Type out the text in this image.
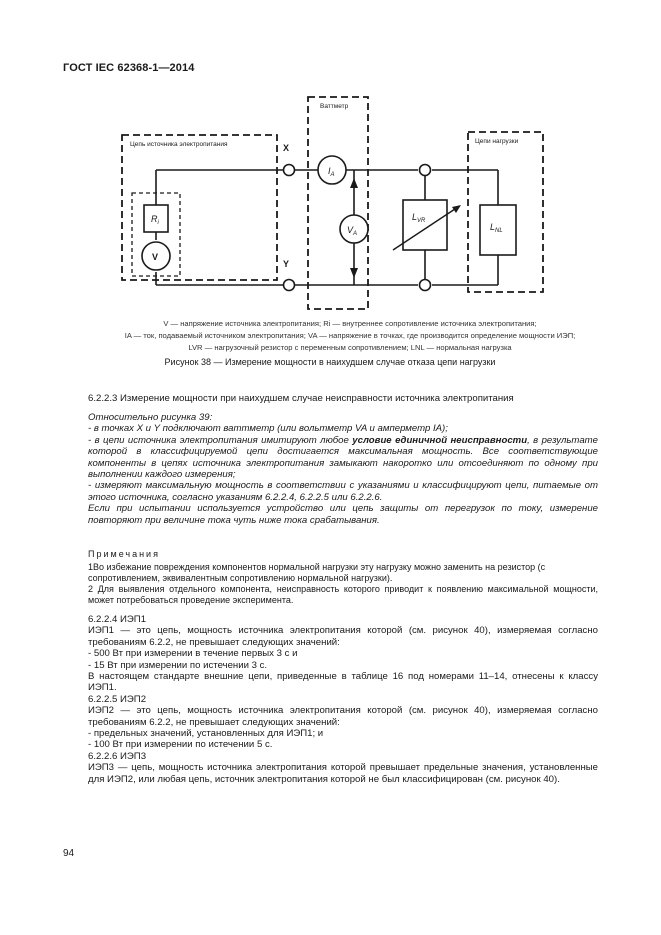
ГОСТ IEC 62368-1—2014
Цепь источника электропитания
Ваттметр
Цепи нагрузки
X
Y
$R_i$
V
$I_A$
$V_A$
$L_{VR}$
$L_{NL}$

V — напряжение источника электропитания; Ri — внутреннее сопротивление источника электропитания;

IA — ток, подаваемый источником электропитания; VA — напряжение в точках, где производится определение мощности ИЭП;

LVR — нагрузочный резистор с переменным сопротивлением; LNL — нормальная нагрузка

Рисунок 38 — Измерение мощности в наихудшем случае отказа цепи нагрузки
6.2.2.3 Измерение мощности при наихудшем случае неисправности источника электропитания

Относительно рисунка 39:

- в точках X и Y подключают ваттметр (или вольтметр VA и амперметр IA);

- в цепи источника электропитания имитируют любое условие единичной неисправности, в результате которой в классифицируемой цепи достигается максимальная мощность. Все соответствующие компоненты в цепях источника электропитания замыкают накоротко или отсоединяют по одному при выполнении каждого измерения;

- измеряют максимальную мощность в соответствии с указаниями и классифицируют цепи, питаемые от этого источника, согласно указаниям 6.2.2.4, 6.2.2.5 или 6.2.2.6.

Если при испытании используется устройство или цепь защиты от перегрузок по току, измерение повторяют при величине тока чуть ниже тока срабатывания.

Примечания

1Во избежание повреждения компонентов нормальной нагрузки эту нагрузку можно заменить на резистор (с сопротивлением, эквивалентным сопротивлению нормальной нагрузки).

2 Для выявления отдельного компонента, неисправность которого приводит к появлению максимальной мощности, может потребоваться проведение эксперимента.

6.2.2.4 ИЭП1

ИЭП1 — это цепь, мощность источника электропитания которой (см. рисунок 40), измеряемая согласно требованиям 6.2.2, не превышает следующих значений:

- 500 Вт при измерении в течение первых 3 с и

- 15 Вт при измерении по истечении 3 с.

В настоящем стандарте внешние цепи, приведенные в таблице 16 под номерами 11–14, отнесены к классу ИЭП1.

6.2.2.5 ИЭП2

ИЭП2 — это цепь, мощность источника электропитания которой (см. рисунок 40), измеряемая согласно требованиям 6.2.2, не превышает следующих значений:

- предельных значений, установленных для ИЭП1; и

- 100 Вт при измерении по истечении 5 с.

6.2.2.6 ИЭП3

ИЭП3 — цепь, мощность источника электропитания которой превышает предельные значения, установленные для ИЭП2, или любая цепь, источник электропитания которой не был классифицирован (см. рисунок 40).

94
